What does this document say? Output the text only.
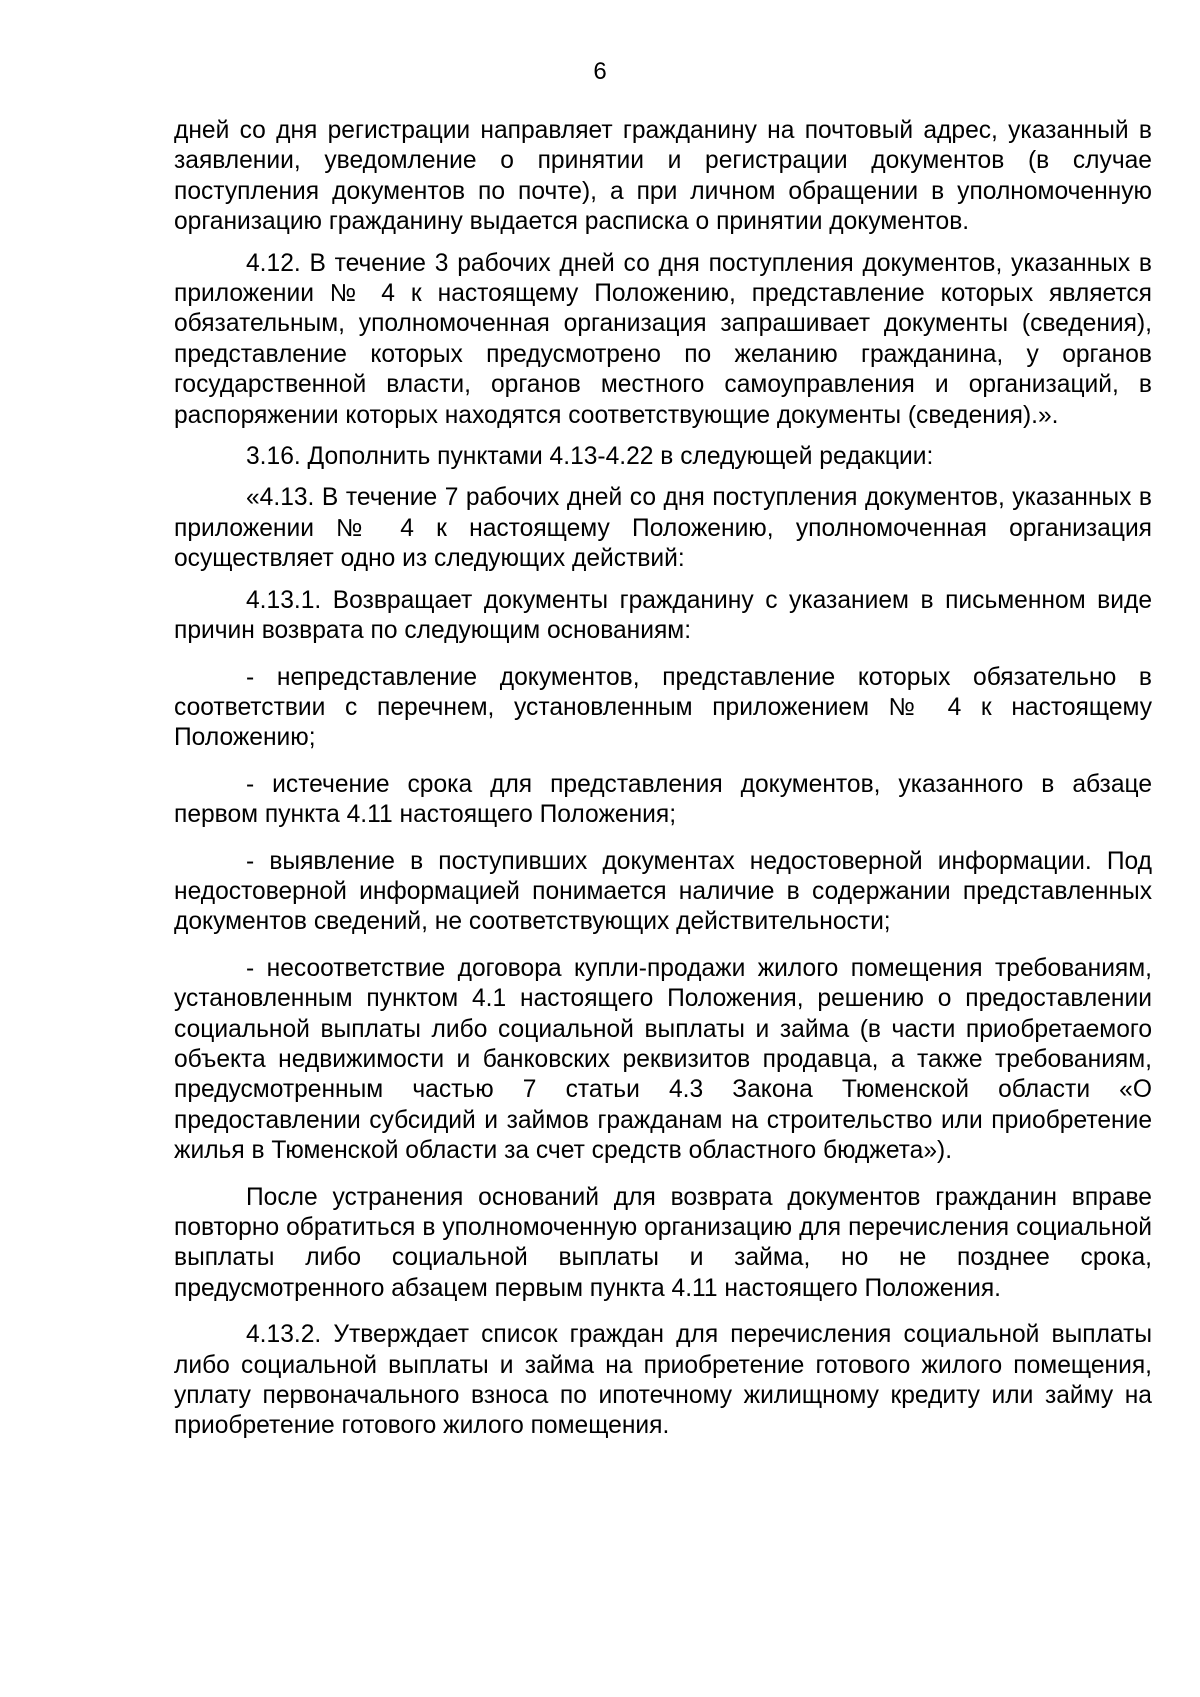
6

дней со дня регистрации направляет гражданину на почтовый адрес, указанный в заявлении, уведомление о принятии и регистрации документов (в случае поступления документов по почте), а при личном обращении в уполномоченную организацию гражданину выдается расписка о принятии документов.

4.12. В течение 3 рабочих дней со дня поступления документов, указанных в приложении № 4 к настоящему Положению, представление которых является обязательным, уполномоченная организация запрашивает документы (сведения), представление которых предусмотрено по желанию гражданина, у органов государственной власти, органов местного самоуправления и организаций, в распоряжении которых находятся соответствующие документы (сведения).».

3.16. Дополнить пунктами 4.13-4.22 в следующей редакции:

«4.13. В течение 7 рабочих дней со дня поступления документов, указанных в приложении № 4 к настоящему Положению, уполномоченная организация осуществляет одно из следующих действий:

4.13.1. Возвращает документы гражданину с указанием в письменном виде причин возврата по следующим основаниям:

- непредставление документов, представление которых обязательно в соответствии с перечнем, установленным приложением № 4 к настоящему Положению;

- истечение срока для представления документов, указанного в абзаце первом пункта 4.11 настоящего Положения;

- выявление в поступивших документах недостоверной информации. Под недостоверной информацией понимается наличие в содержании представленных документов сведений, не соответствующих действительности;

- несоответствие договора купли-продажи жилого помещения требованиям, установленным пунктом 4.1 настоящего Положения, решению о предоставлении социальной выплаты либо социальной выплаты и займа (в части приобретаемого объекта недвижимости и банковских реквизитов продавца, а также требованиям, предусмотренным частью 7 статьи 4.3 Закона Тюменской области «О предоставлении субсидий и займов гражданам на строительство или приобретение жилья в Тюменской области за счет средств областного бюджета»).

После устранения оснований для возврата документов гражданин вправе повторно обратиться в уполномоченную организацию для перечисления социальной выплаты либо социальной выплаты и займа, но не позднее срока, предусмотренного абзацем первым пункта 4.11 настоящего Положения.

4.13.2. Утверждает список граждан для перечисления социальной выплаты либо социальной выплаты и займа на приобретение готового жилого помещения, уплату первоначального взноса по ипотечному жилищному кредиту или займу на приобретение готового жилого помещения.
